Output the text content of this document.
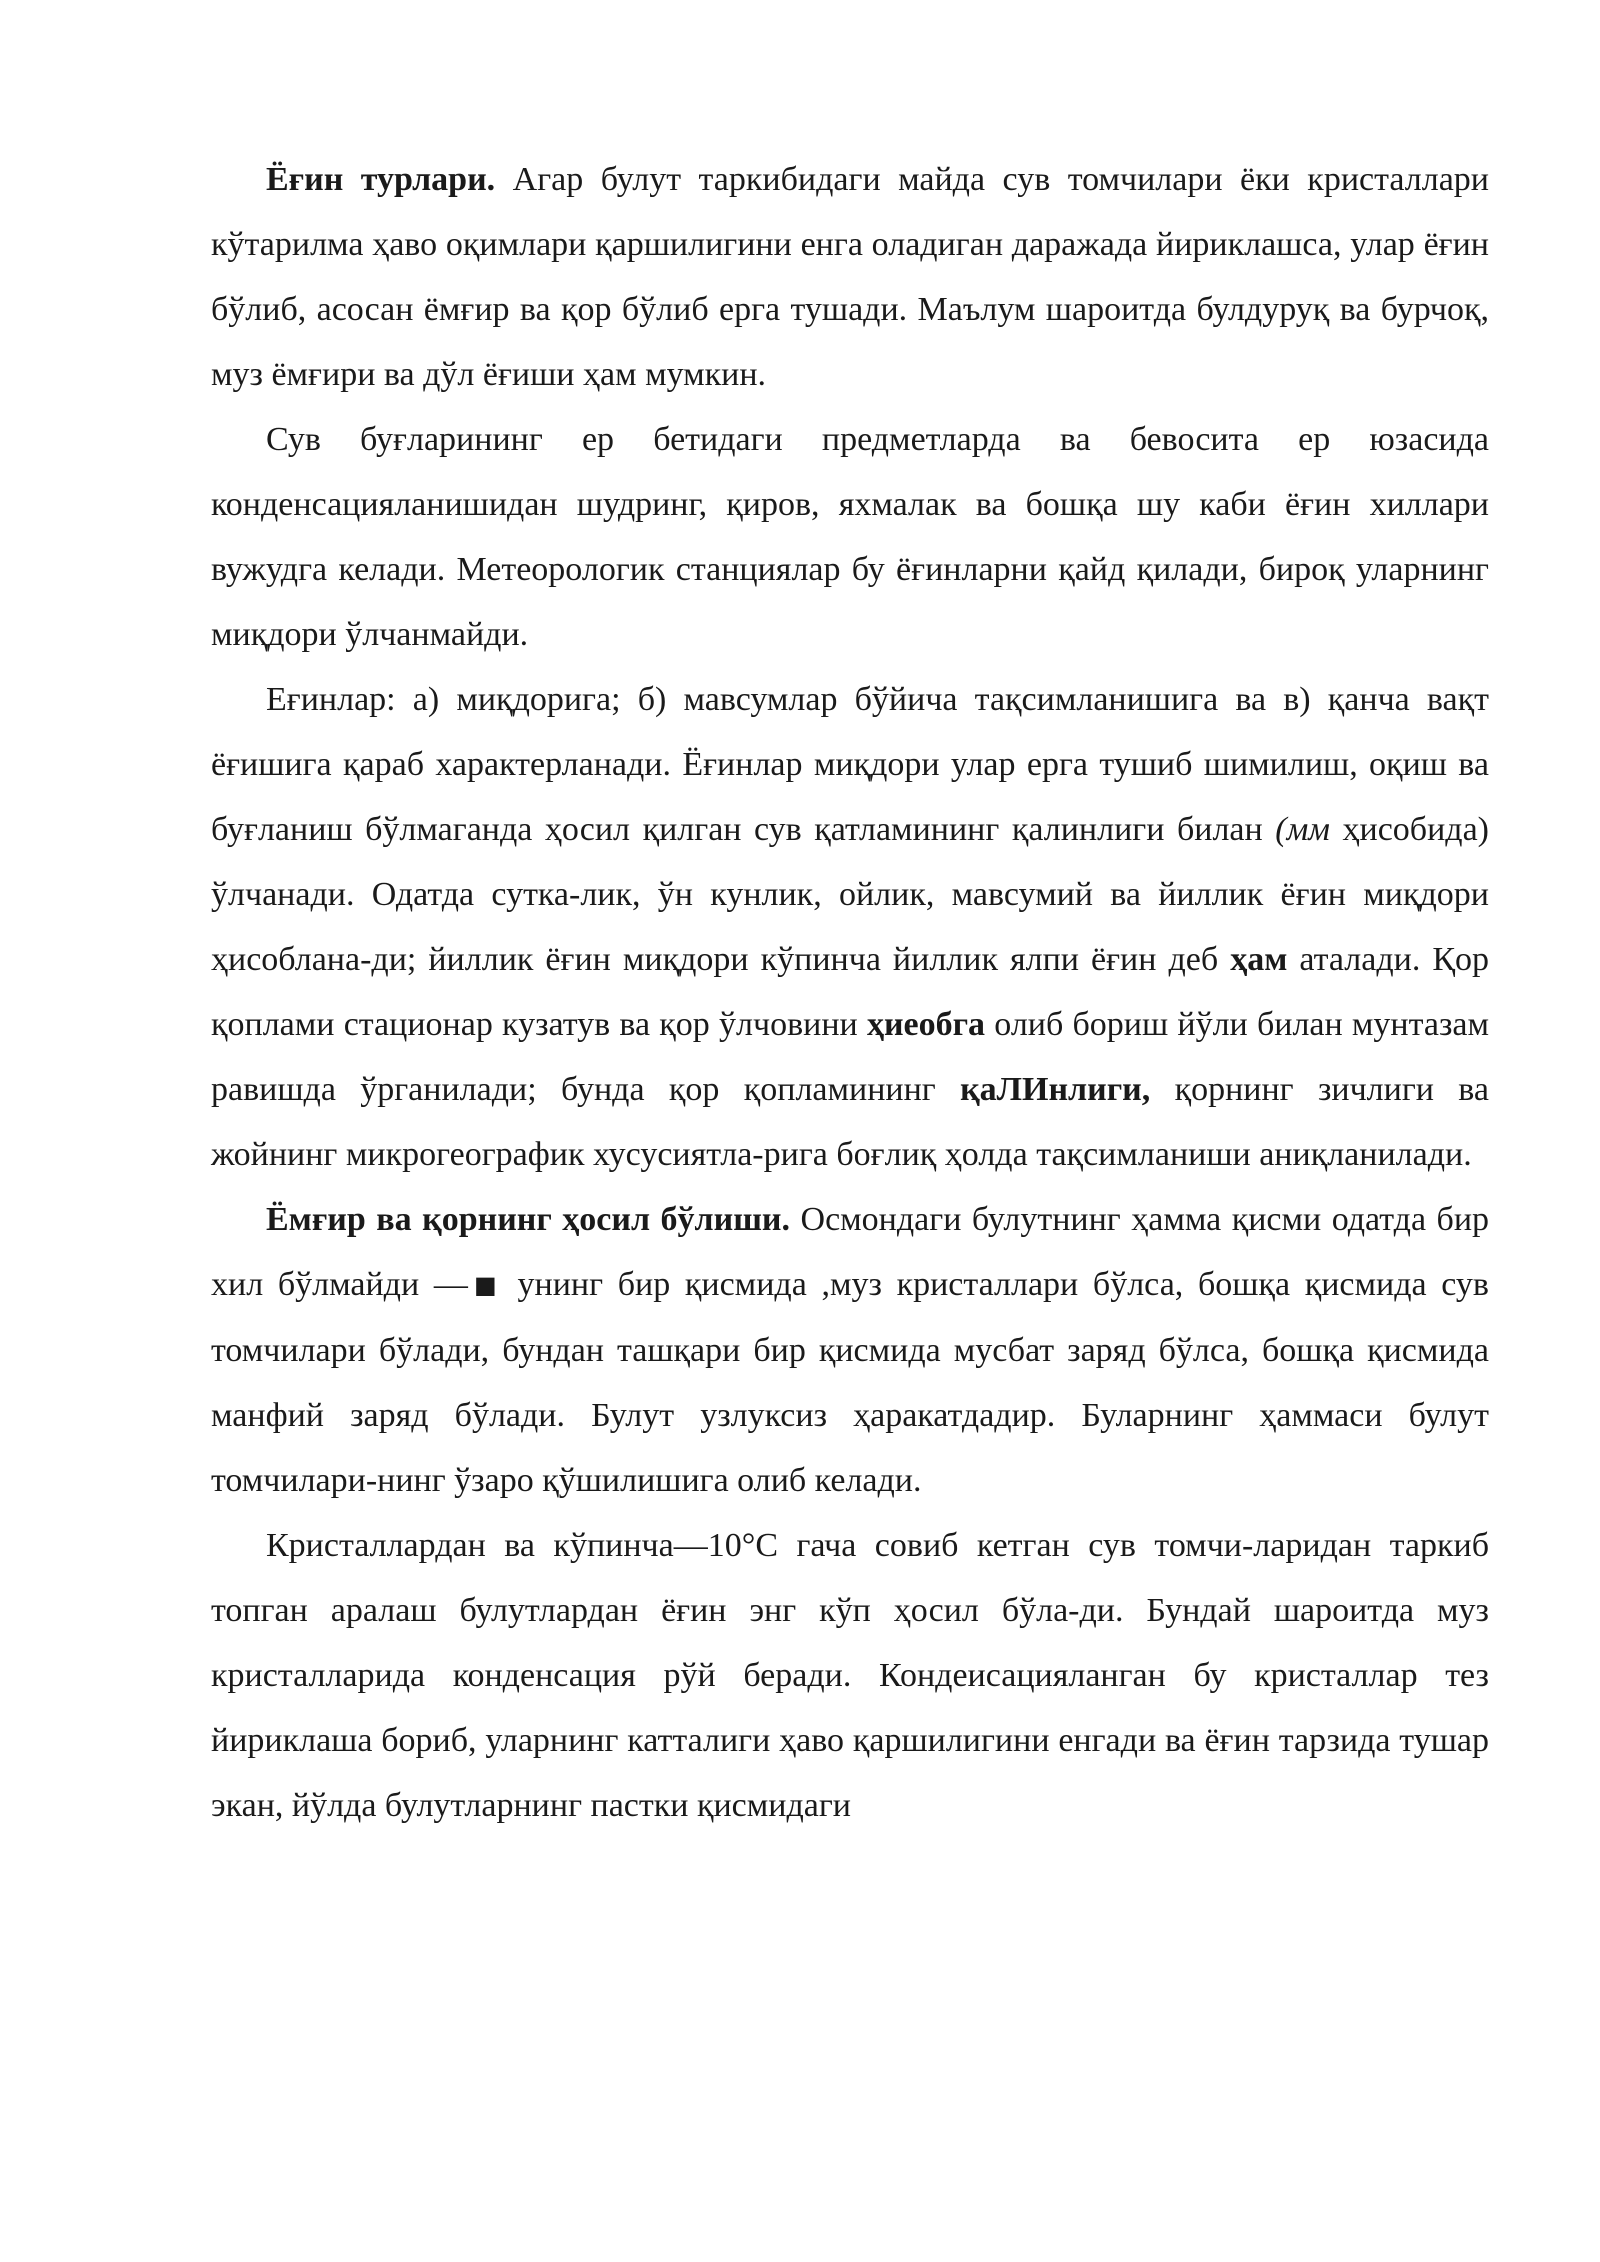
Ёғин турлари. Агар булут таркибидаги майда сув томчилари ёки кристаллари кўтарилма ҳаво оқимлари қаршилигини енга оладиган даражада йириклашса, улар ёғин бўлиб, асосан ёмғир ва қор бўлиб ерга тушади. Маълум шароитда булдуруқ ва бурчоқ, муз ёмғири ва дўл ёғиши ҳам мумкин.

Сув буғларининг ер бетидаги предметларда ва бевосита ер юзасида конденсацияланишидан шудринг, қиров, яхмалак ва бошқа шу каби ёғин хиллари вужудга келади. Метеорологик станциялар бу ёғинларни қайд қилади, бироқ уларнинг миқдори ўлчанмайди.

Еғинлар: а) миқдорига; б) мавсумлар бўйича тақсимланишига ва в) қанча вақт ёғишига қараб характерланади. Ёғинлар миқдори улар ерга тушиб шимилиш, оқиш ва буғланиш бўлмаганда ҳосил қилган сув қатламининг қалинлиги билан (мм ҳисобида) ўлчанади. Одатда сутка-лик, ўн кунлик, ойлик, мавсумий ва йиллик ёғин миқдори ҳисоблана-ди; йиллик ёғин миқдори кўпинча йиллик ялпи ёғин деб ҳам аталади. Қор қоплами стационар кузатув ва қор ўлчовини ҳиеобга олиб бориш йўли билан мунтазам равишда ўрганилади; бунда қор қопламининг қаЛИнлиги, қорнинг зичлиги ва жойнинг микрогеографик хусусиятла-рига боғлиқ ҳолда тақсимланиши аниқланилади.

Ёмғир ва қорнинг ҳосил бўлиши. Осмондаги булутнинг ҳамма қисми одатда бир хил бўлмайди —■ унинг бир қисмида ,муз кристаллари бўлса, бошқа қисмида сув томчилари бўлади, бундан ташқари бир қисмида мусбат заряд бўлса, бошқа қисмида манфий заряд бўлади. Булут узлуксиз ҳаракатдадир. Буларнинг ҳаммаси булут томчилари-нинг ўзаро қўшилишига олиб келади.

Кристаллардан ва кўпинча—10°С гача совиб кетган сув томчи-ларидан таркиб топган аралаш булутлардан ёғин энг кўп ҳосил бўла-ди. Бундай шароитда муз кристалларида конденсация рўй беради. Кондеисацияланган бу кристаллар тез йириклаша бориб, уларнинг катталиги ҳаво қаршилигини енгади ва ёғин тарзида тушар экан, йўлда булутларнинг пастки қисмидаги
